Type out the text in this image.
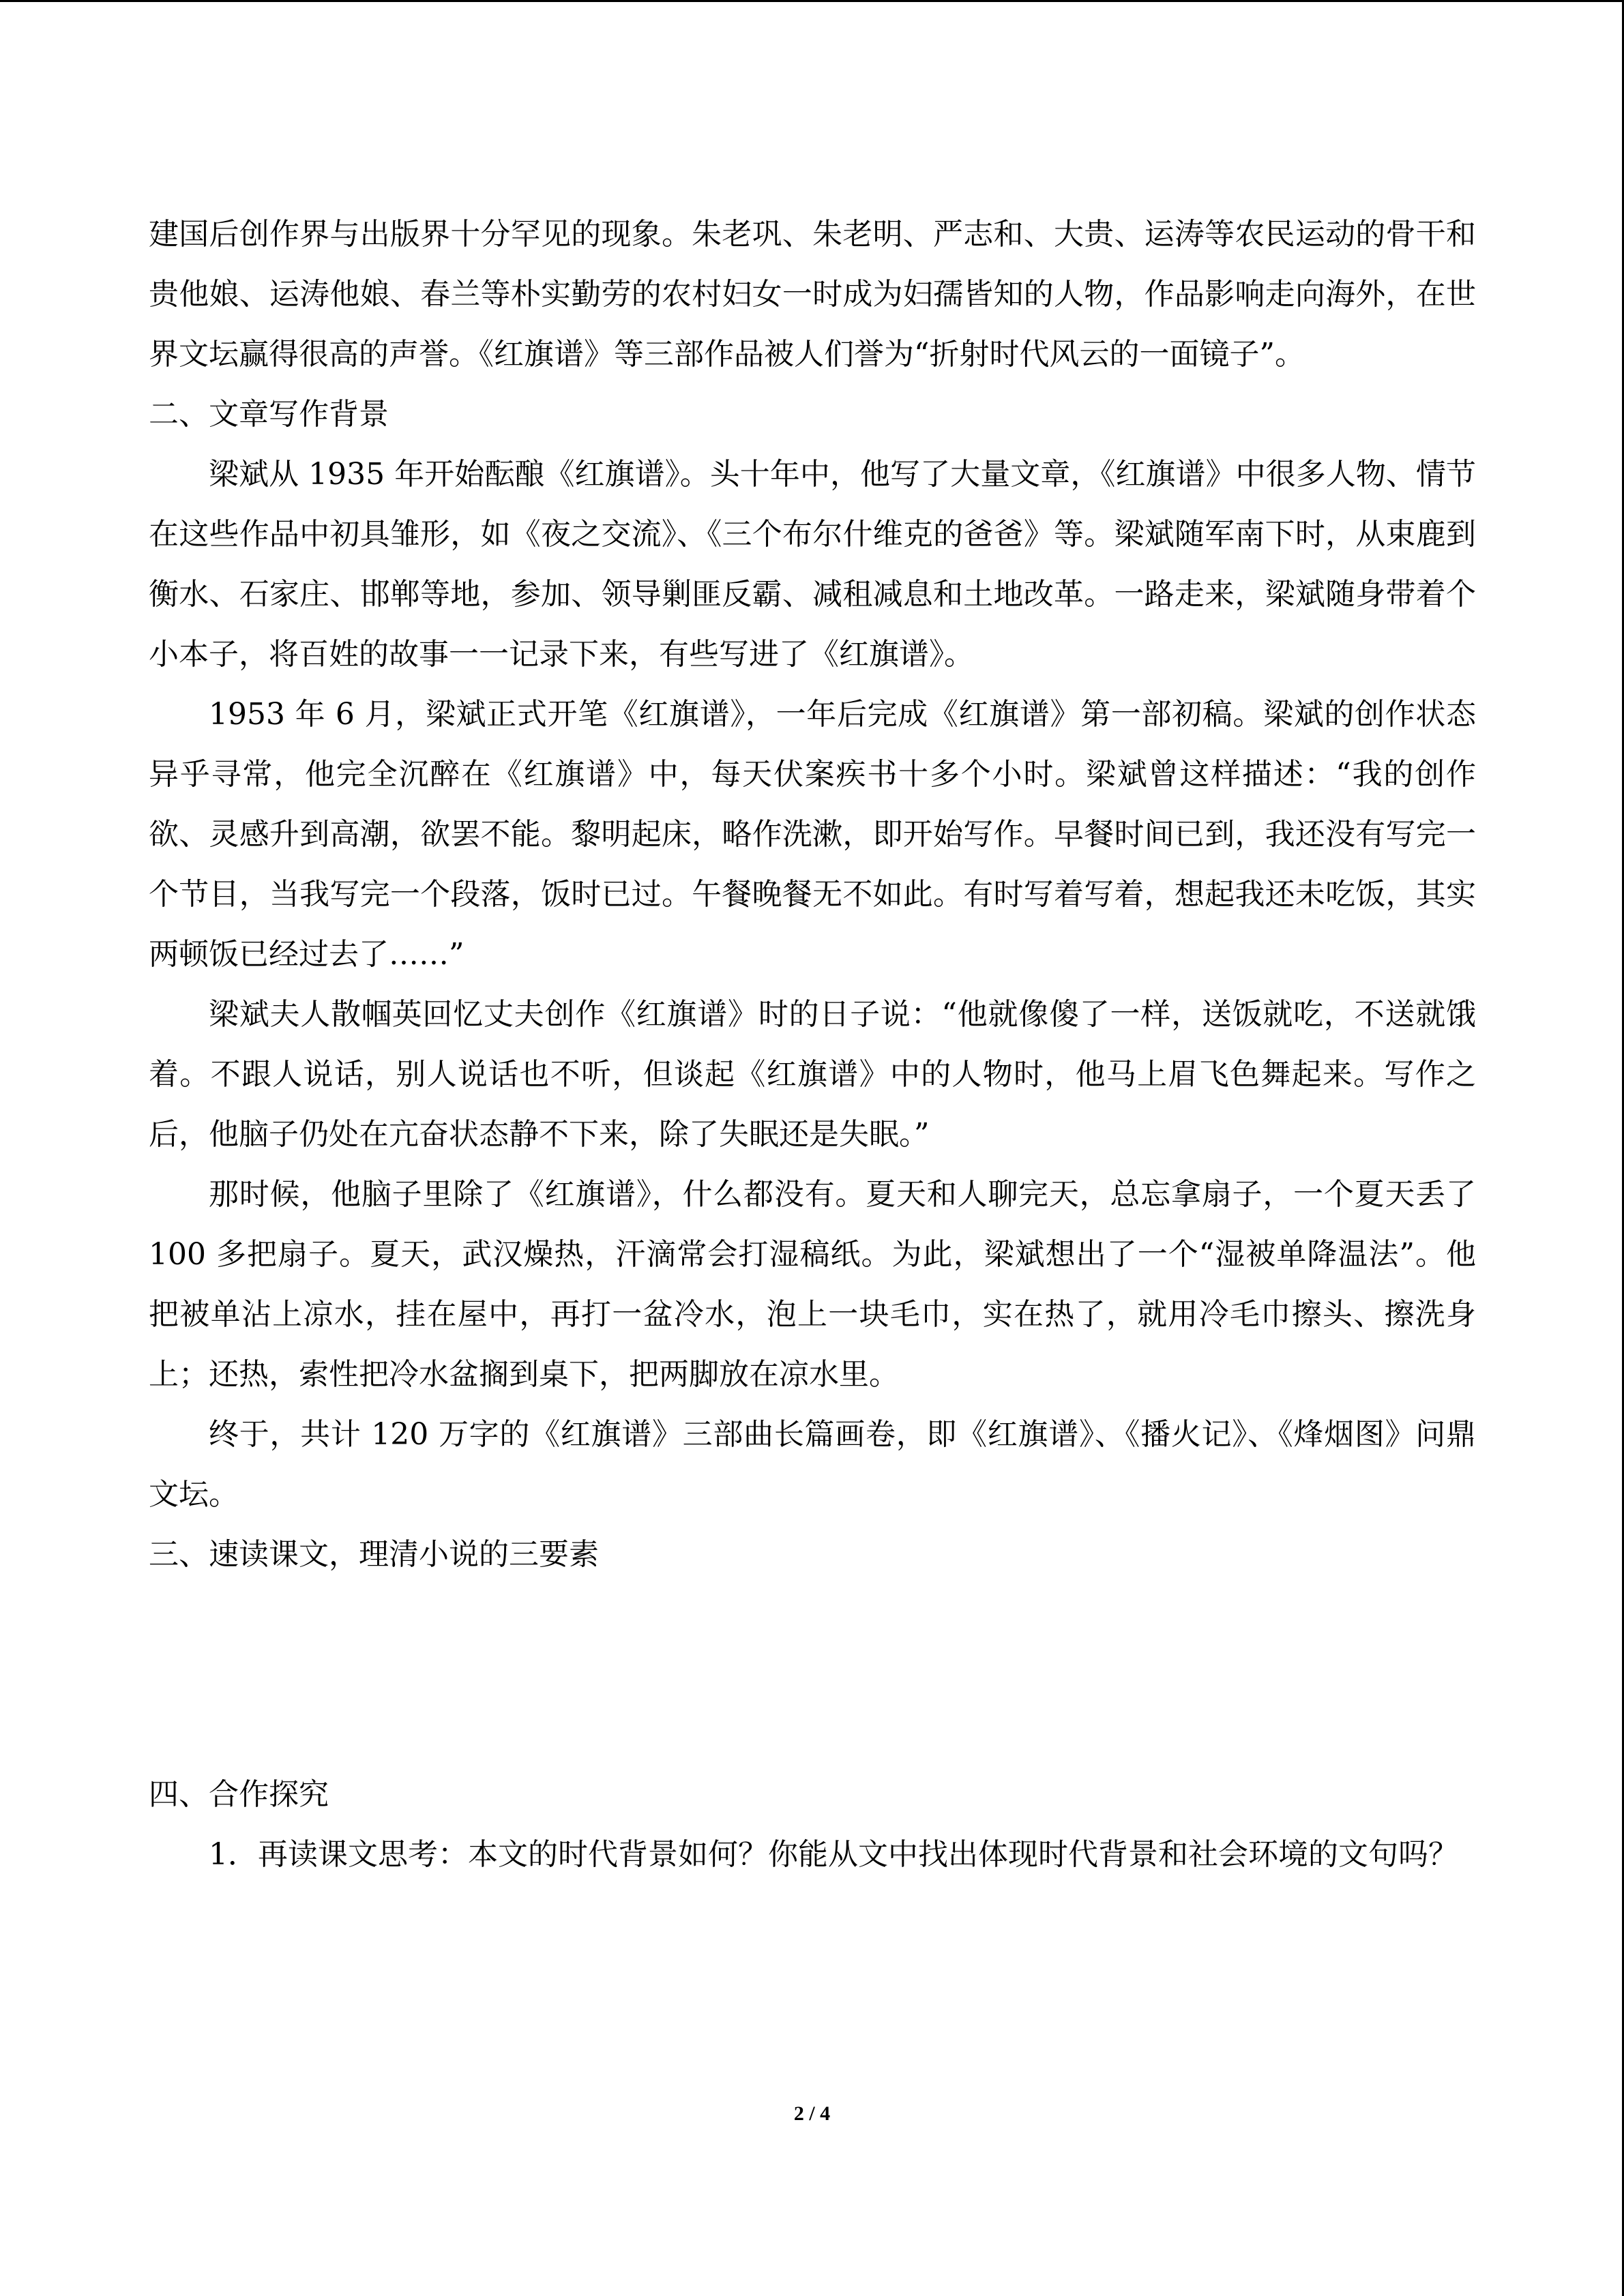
建国后创作界与出版界十分罕见的现象。朱老巩、朱老明、严志和、大贵、运涛等农民运动的骨干和贵他娘、运涛他娘、春兰等朴实勤劳的农村妇女一时成为妇孺皆知的人物，作品影响走向海外，在世界文坛赢得很高的声誉。《红旗谱》等三部作品被人们誉为“折射时代风云的一面镜子”。

二、文章写作背景

梁斌从 1935 年开始酝酿《红旗谱》。头十年中，他写了大量文章，《红旗谱》中很多人物、情节在这些作品中初具雏形，如《夜之交流》、《三个布尔什维克的爸爸》等。梁斌随军南下时，从束鹿到衡水、石家庄、邯郸等地，参加、领导剿匪反霸、减租减息和土地改革。一路走来，梁斌随身带着个小本子，将百姓的故事一一记录下来，有些写进了《红旗谱》。

1953 年 6 月，梁斌正式开笔《红旗谱》，一年后完成《红旗谱》第一部初稿。梁斌的创作状态异乎寻常，他完全沉醉在《红旗谱》中，每天伏案疾书十多个小时。梁斌曾这样描述：“我的创作欲、灵感升到高潮，欲罢不能。黎明起床，略作洗漱，即开始写作。早餐时间已到，我还没有写完一个节目，当我写完一个段落，饭时已过。午餐晚餐无不如此。有时写着写着，想起我还未吃饭，其实两顿饭已经过去了……”

梁斌夫人散帼英回忆丈夫创作《红旗谱》时的日子说：“他就像傻了一样，送饭就吃，不送就饿着。不跟人说话，别人说话也不听，但谈起《红旗谱》中的人物时，他马上眉飞色舞起来。写作之后，他脑子仍处在亢奋状态静不下来，除了失眠还是失眠。”

那时候，他脑子里除了《红旗谱》，什么都没有。夏天和人聊完天，总忘拿扇子，一个夏天丢了 100 多把扇子。夏天，武汉燥热，汗滴常会打湿稿纸。为此，梁斌想出了一个“湿被单降温法”。他把被单沾上凉水，挂在屋中，再打一盆冷水，泡上一块毛巾，实在热了，就用冷毛巾擦头、擦洗身上；还热，索性把冷水盆搁到桌下，把两脚放在凉水里。

终于，共计 120 万字的《红旗谱》三部曲长篇画卷，即《红旗谱》、《播火记》、《烽烟图》问鼎文坛。

三、速读课文，理清小说的三要素

四、合作探究

1．再读课文思考：本文的时代背景如何？你能从文中找出体现时代背景和社会环境的文句吗？

2 / 4
